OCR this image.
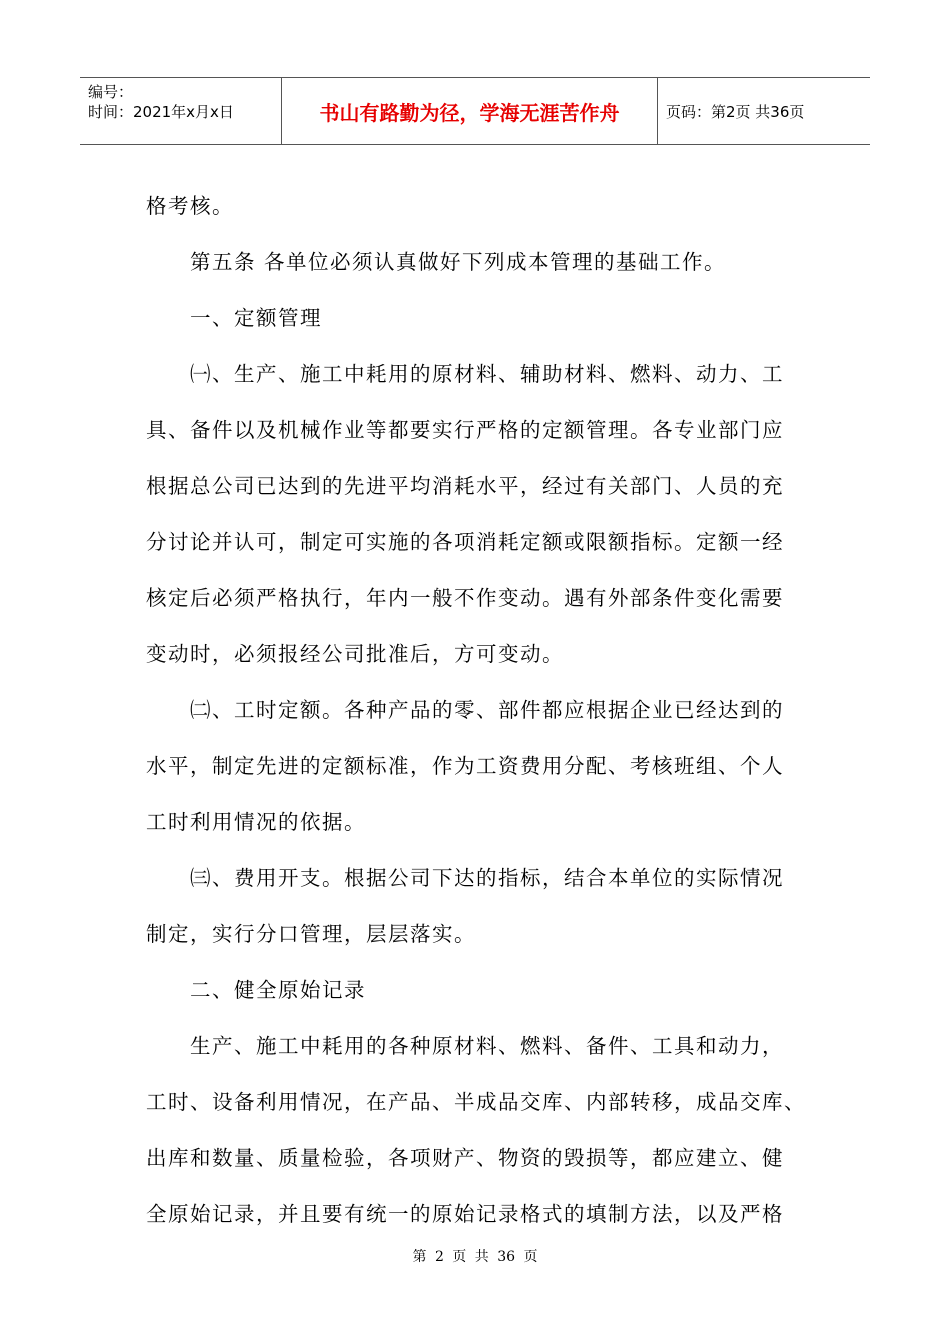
编号：
时间：2021年x月x日	书山有路勤为径，学海无涯苦作舟	页码：第2页 共36页
格考核。
第五条 各单位必须认真做好下列成本管理的基础工作。
一、定额管理
㈠、生产、施工中耗用的原材料、辅助材料、燃料、动力、工
具、备件以及机械作业等都要实行严格的定额管理。各专业部门应
根据总公司已达到的先进平均消耗水平，经过有关部门、人员的充
分讨论并认可，制定可实施的各项消耗定额或限额指标。定额一经
核定后必须严格执行，年内一般不作变动。遇有外部条件变化需要
变动时，必须报经公司批准后，方可变动。
㈡、工时定额。各种产品的零、部件都应根据企业已经达到的
水平，制定先进的定额标准，作为工资费用分配、考核班组、个人
工时利用情况的依据。
㈢、费用开支。根据公司下达的指标，结合本单位的实际情况
制定，实行分口管理，层层落实。
二、健全原始记录
生产、施工中耗用的各种原材料、燃料、备件、工具和动力，
工时、设备利用情况，在产品、半成品交库、内部转移，成品交库、
出库和数量、质量检验，各项财产、物资的毁损等，都应建立、健
全原始记录，并且要有统一的原始记录格式的填制方法，以及严格
第 2 页 共 36 页
